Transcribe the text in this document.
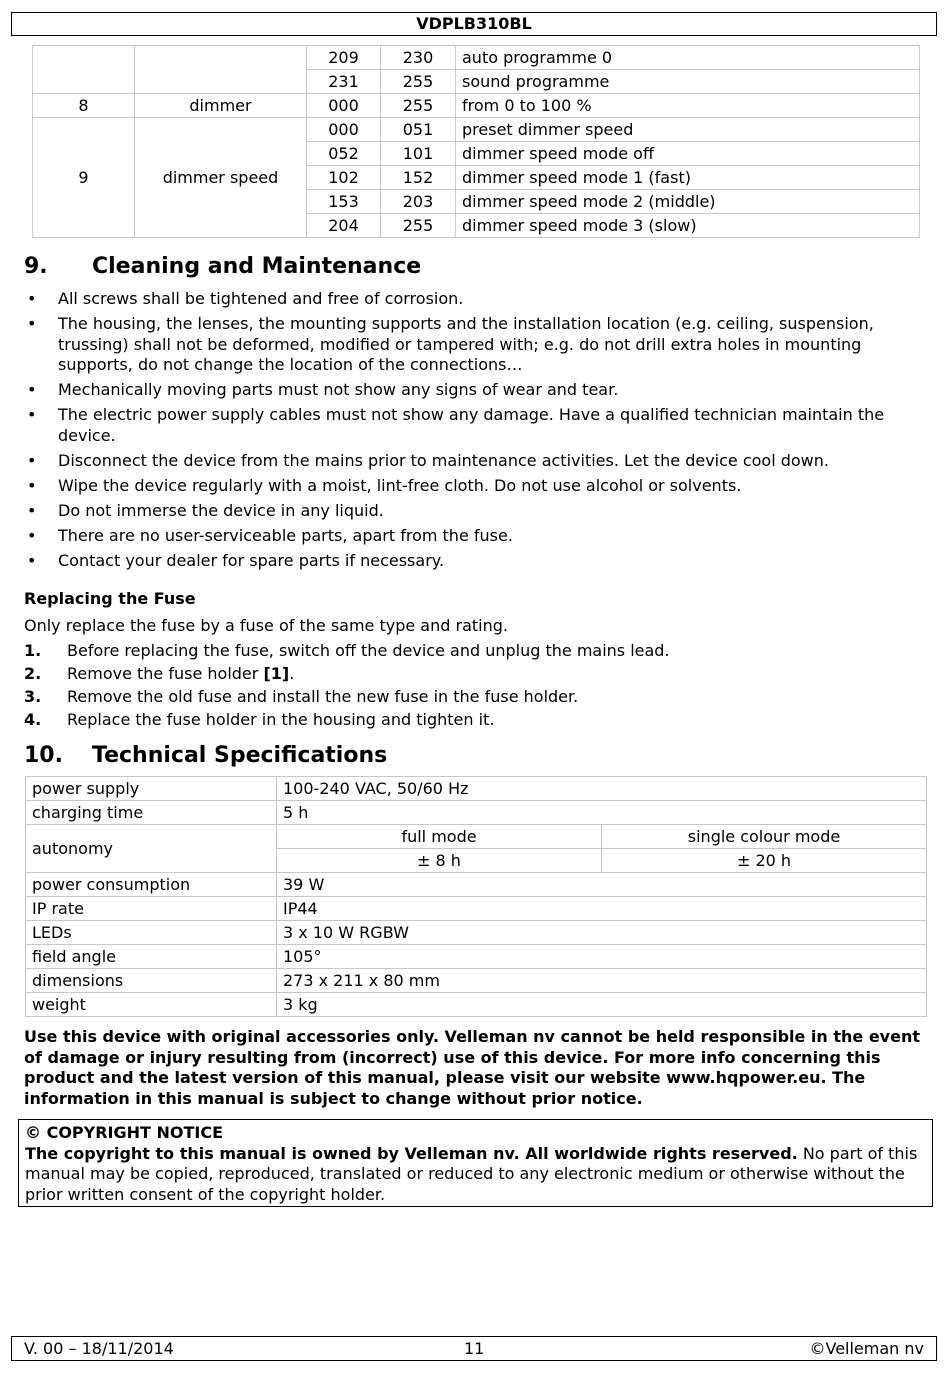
VDPLB310BL
		209	230	auto programme 0
		231	255	sound programme
8	dimmer	000	255	from 0 to 100 %
9	dimmer speed	000	051	preset dimmer speed
		052	101	dimmer speed mode off
		102	152	dimmer speed mode 1 (fast)
		153	203	dimmer speed mode 2 (middle)
		204	255	dimmer speed mode 3 (slow)
9. Cleaning and Maintenance
• All screws shall be tightened and free of corrosion.
• The housing, the lenses, the mounting supports and the installation location (e.g. ceiling, suspension, trussing) shall not be deformed, modified or tampered with; e.g. do not drill extra holes in mounting supports, do not change the location of the connections…
• Mechanically moving parts must not show any signs of wear and tear.
• The electric power supply cables must not show any damage. Have a qualified technician maintain the device.
• Disconnect the device from the mains prior to maintenance activities. Let the device cool down.
• Wipe the device regularly with a moist, lint-free cloth. Do not use alcohol or solvents.
• Do not immerse the device in any liquid.
• There are no user-serviceable parts, apart from the fuse.
• Contact your dealer for spare parts if necessary.
Replacing the Fuse
Only replace the fuse by a fuse of the same type and rating.
1. Before replacing the fuse, switch off the device and unplug the mains lead.
2. Remove the fuse holder [1].
3. Remove the old fuse and install the new fuse in the fuse holder.
4. Replace the fuse holder in the housing and tighten it.
10. Technical Specifications
power supply	100-240 VAC, 50/60 Hz	
charging time	5 h	
autonomy	full mode	single colour mode
	± 8 h	± 20 h
power consumption	39 W	
IP rate	IP44	
LEDs	3 x 10 W RGBW	
field angle	105°	
dimensions	273 x 211 x 80 mm	
weight	3 kg	
Use this device with original accessories only. Velleman nv cannot be held responsible in the event of damage or injury resulting from (incorrect) use of this device. For more info concerning this product and the latest version of this manual, please visit our website www.hqpower.eu. The information in this manual is subject to change without prior notice.
© COPYRIGHT NOTICE
The copyright to this manual is owned by Velleman nv. All worldwide rights reserved. No part of this manual may be copied, reproduced, translated or reduced to any electronic medium or otherwise without the prior written consent of the copyright holder.
V. 00 – 18/11/2014	11	©Velleman nv
